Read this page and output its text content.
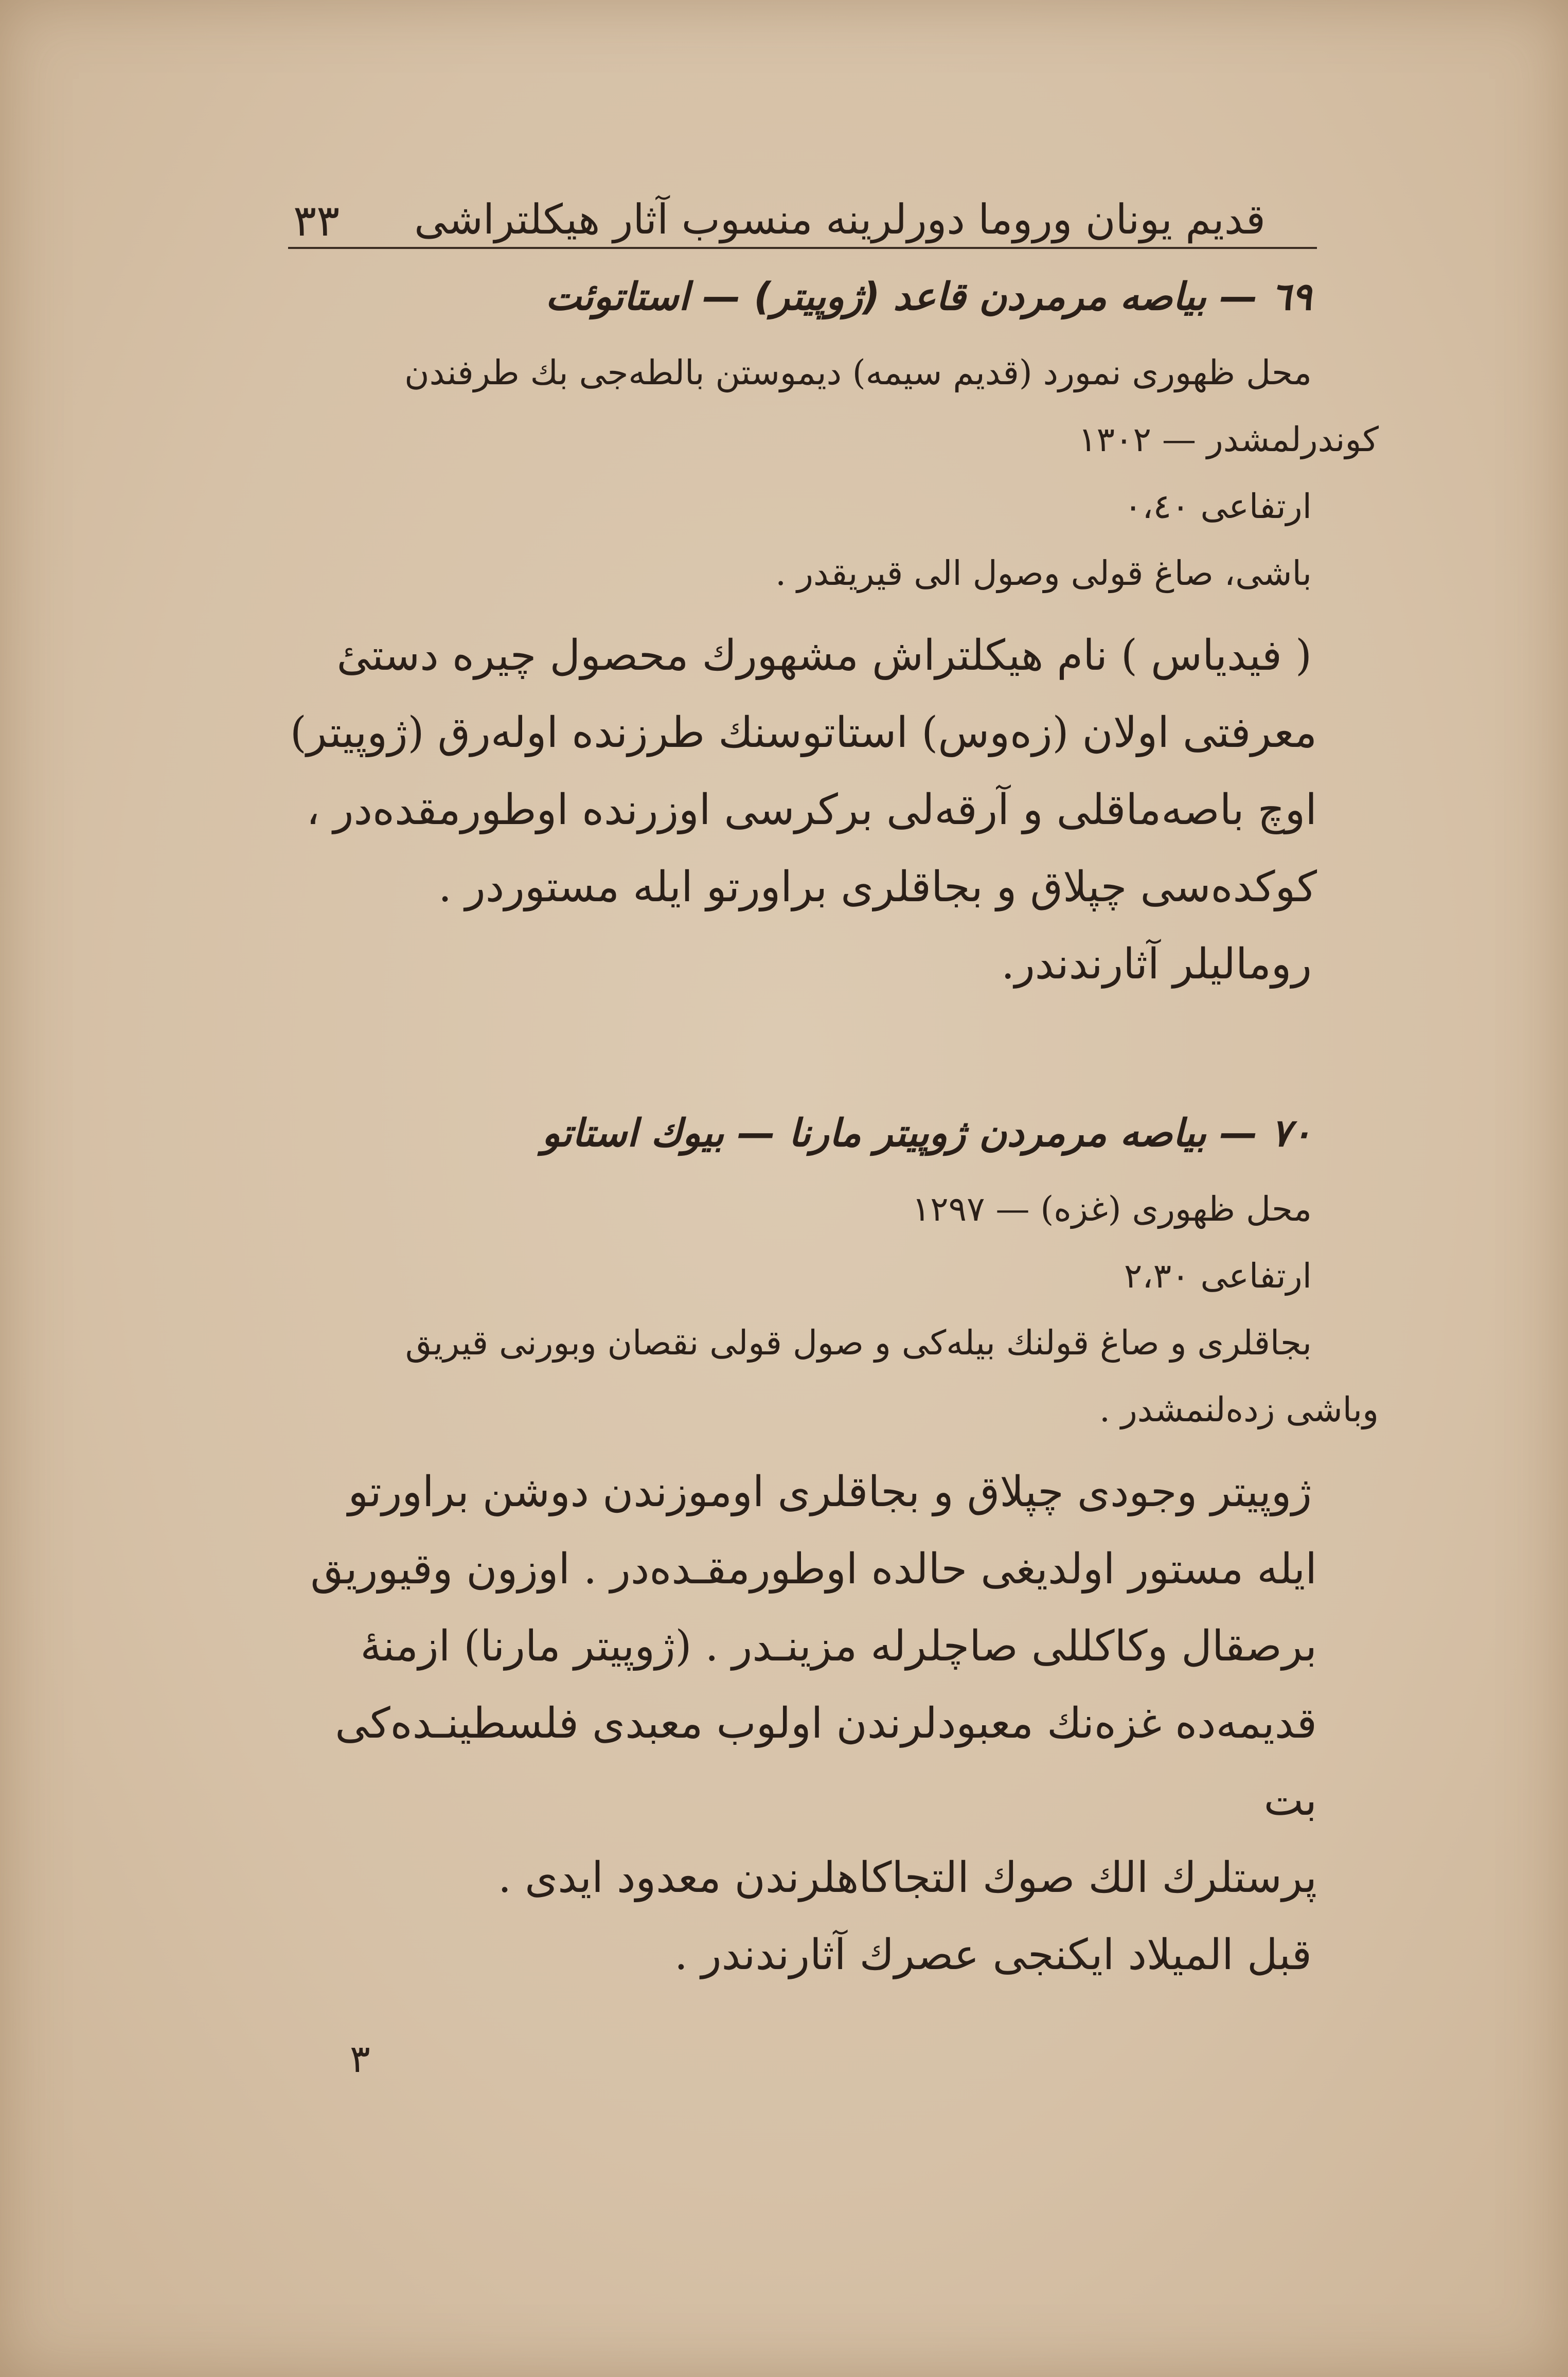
قديم يونان وروما دورلرينه منسوب آثار هيكلتراشى
٣٣
٦٩ — بياصه مرمردن قاعد (ژوپيتر) — استاتوئت
محل ظهورى نمورد (قديم سيمه) ديموستن بالطه‌جى بك طرفندن
كوندرلمشدر — ١٣٠٢
ارتفاعى ٠،٤٠
باشى، صاغ قولى وصول الى قيريقدر .
( فيدياس ) نام هيكلتراش مشهورك محصول چيره دستىٔ
معرفتى اولان (زه‌وس) استاتوسنك طرزنده اوله‌رق (ژوپيتر)
اوچ باصه‌ماقلى و آرقه‌لى بركرسى اوزرنده اوطورمقده‌در ،
كوكده‌سى چپلاق و بجاقلرى براورتو ايله مستوردر .
روماليلر آثارندندر.
٧٠ — بياصه مرمردن ژوپيتر مارنا — بيوك استاتو
محل ظهورى (غزه) — ١٢٩٧
ارتفاعى ٢،٣٠
بجاقلرى و صاغ قولنك بيله‌كى و صول قولى نقصان وبورنى قيريق
وباشى زده‌لنمشدر .
ژوپيتر وجودى چپلاق و بجاقلرى اوموزندن دوشن براورتو
ايله مستور اولديغى حالده اوطورمقـده‌در . اوزون وقيوريق
برصقال وكاكللى صاچلرله مزينـدر . (ژوپيتر مارنا) ازمنهٔ
قديمه‌ده غزه‌نك معبودلرندن اولوب معبدى فلسطينـده‌كى بت
پرستلرك الك صوك التجاكاهلرندن معدود ايدى .
قبل الميلاد ايكنجى عصرك آثارندندر .
٣
